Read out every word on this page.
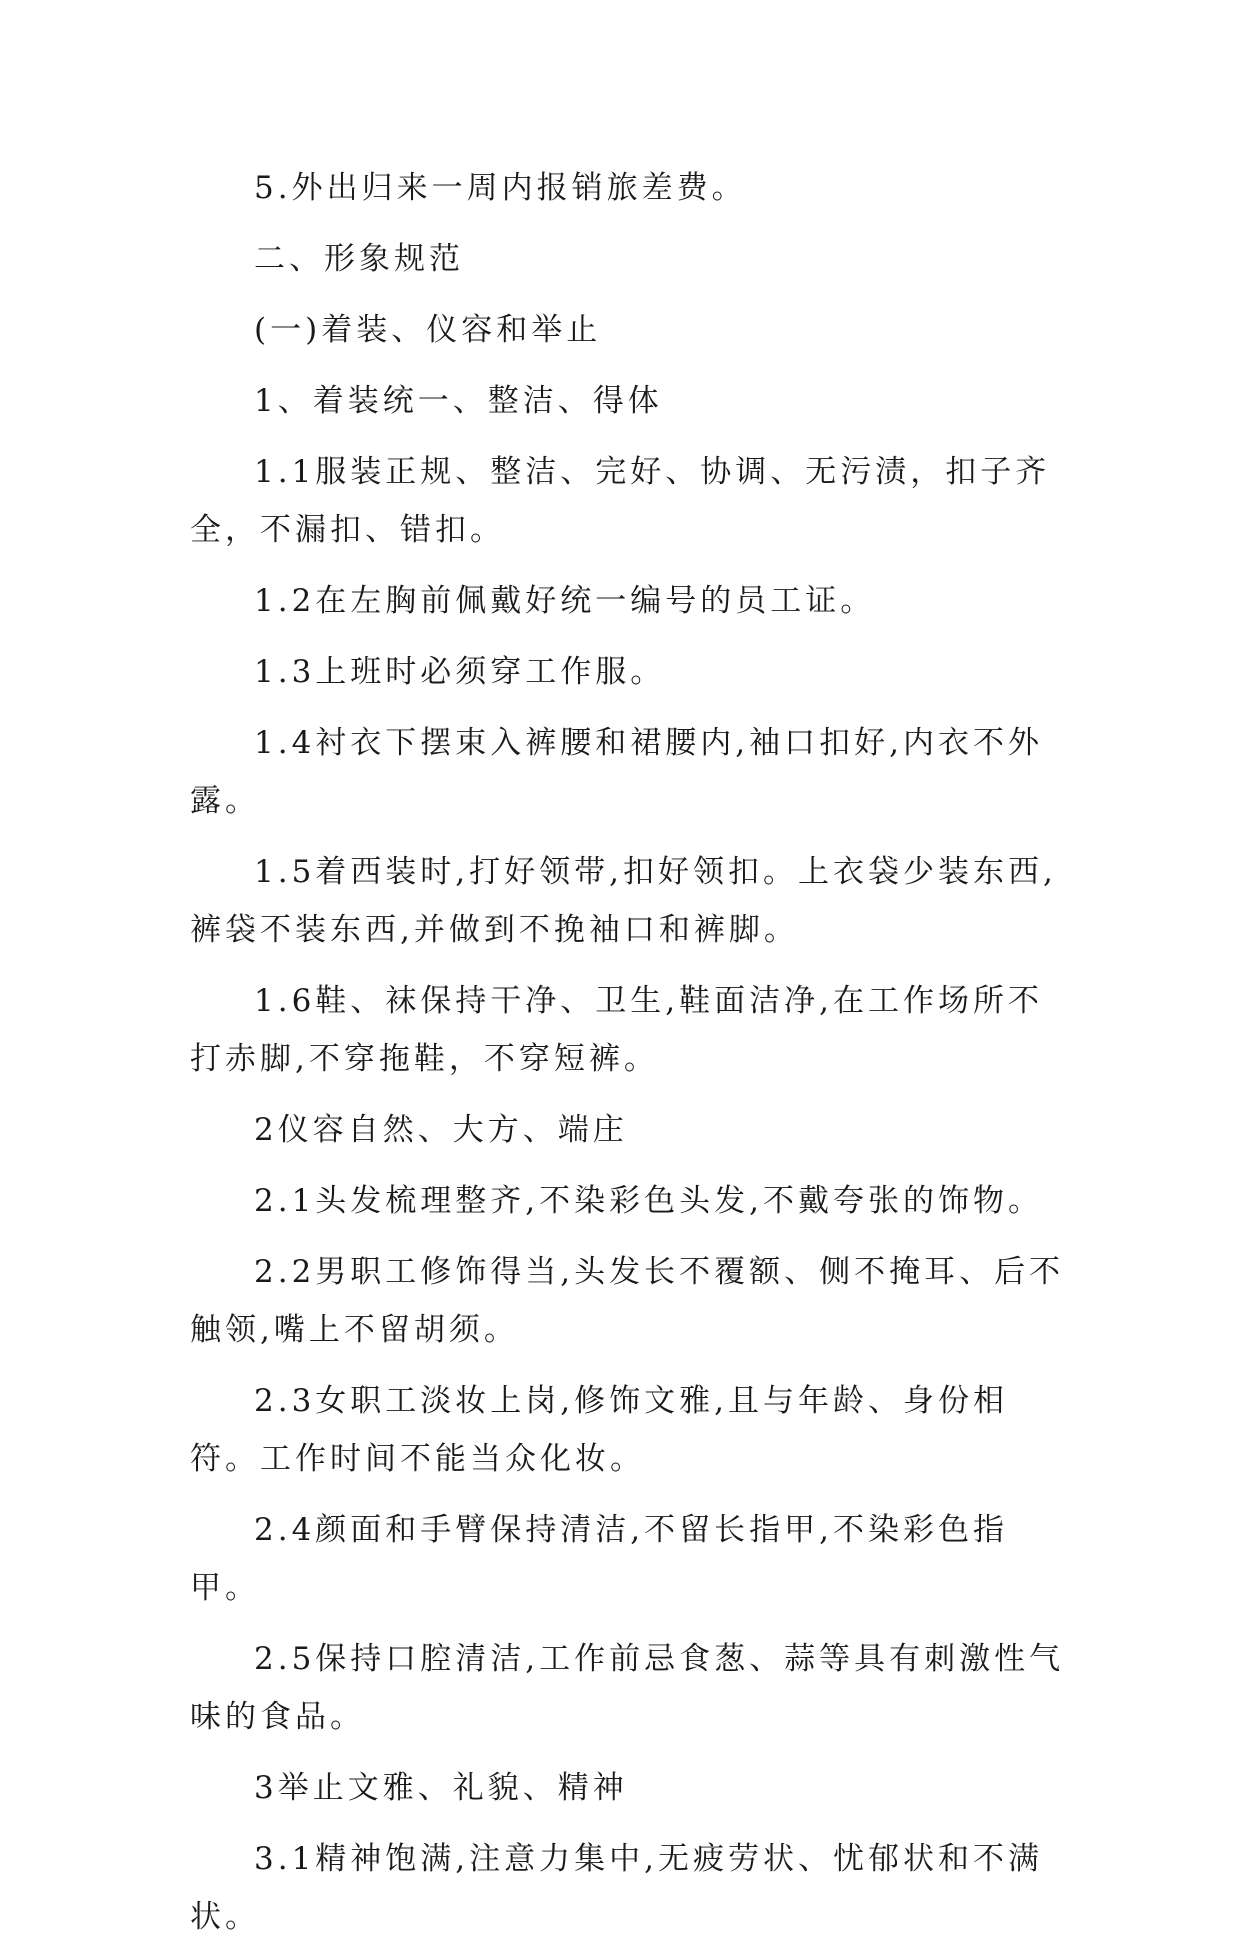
5.外出归来一周内报销旅差费。

二、形象规范

(一)着装、仪容和举止

1、着装统一、整洁、得体

1.1服装正规、整洁、完好、协调、无污渍，扣子齐全，不漏扣、错扣。

1.2在左胸前佩戴好统一编号的员工证。

1.3上班时必须穿工作服。

1.4衬衣下摆束入裤腰和裙腰内,袖口扣好,内衣不外露。

1.5着西装时,打好领带,扣好领扣。上衣袋少装东西,裤袋不装东西,并做到不挽袖口和裤脚。

1.6鞋、袜保持干净、卫生,鞋面洁净,在工作场所不打赤脚,不穿拖鞋，不穿短裤。

2仪容自然、大方、端庄

2.1头发梳理整齐,不染彩色头发,不戴夸张的饰物。

2.2男职工修饰得当,头发长不覆额、侧不掩耳、后不触领,嘴上不留胡须。

2.3女职工淡妆上岗,修饰文雅,且与年龄、身份相符。工作时间不能当众化妆。

2.4颜面和手臂保持清洁,不留长指甲,不染彩色指甲。

2.5保持口腔清洁,工作前忌食葱、蒜等具有刺激性气味的食品。

3举止文雅、礼貌、精神

3.1精神饱满,注意力集中,无疲劳状、忧郁状和不满状。
